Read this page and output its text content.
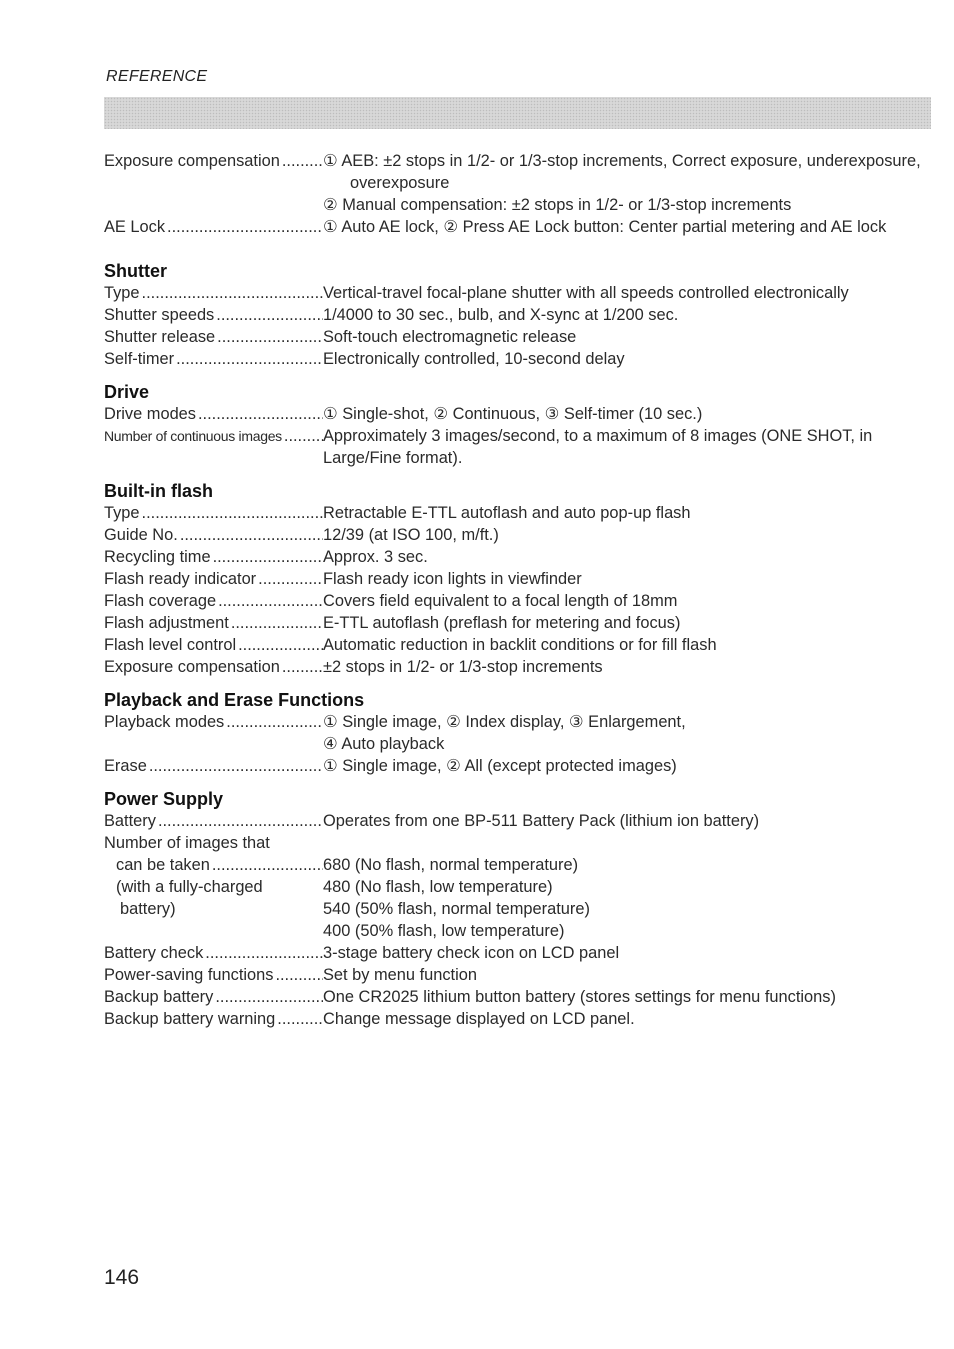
REFERENCE
Exposure compensation .....	① AEB: ±2 stops in 1/2- or 1/3-stop increments, Correct exposure, underexposure, overexposure
② Manual compensation: ±2 stops in 1/2- or 1/3-stop increments
AE Lock .....	① Auto AE lock, ② Press AE Lock button: Center partial metering and AE lock
Shutter
Type .....	Vertical-travel focal-plane shutter with all speeds controlled electronically
Shutter speeds .....	1/4000 to 30 sec., bulb, and X-sync at 1/200 sec.
Shutter release .....	Soft-touch electromagnetic release
Self-timer .....	Electronically controlled, 10-second delay
Drive
Drive modes .....	① Single-shot, ② Continuous, ③ Self-timer (10 sec.)
Number of continuous images .....	Approximately 3 images/second, to a maximum of 8 images (ONE SHOT, in Large/Fine format).
Built-in flash
Type .....	Retractable E-TTL autoflash and auto pop-up flash
Guide No. .....	12/39 (at ISO 100, m/ft.)
Recycling time .....	Approx. 3 sec.
Flash ready indicator .....	Flash ready icon lights in viewfinder
Flash coverage .....	Covers field equivalent to a focal length of 18mm
Flash adjustment .....	E-TTL autoflash (preflash for metering and focus)
Flash level control .....	Automatic reduction in backlit conditions or for fill flash
Exposure compensation .....	±2 stops in 1/2- or 1/3-stop increments
Playback and Erase Functions
Playback modes .....	① Single image, ② Index display, ③ Enlargement,
④ Auto playback
Erase .....	① Single image, ② All (except protected images)
Power Supply
Battery .....	Operates from one BP-511 Battery Pack (lithium ion battery)
Number of images that
can be taken .....	680 (No flash, normal temperature)
(with a fully-charged	480 (No flash, low temperature)
battery)	540 (50% flash, normal temperature)
400 (50% flash, low temperature)
Battery check .....	3-stage battery check icon on LCD panel
Power-saving functions .....	Set by menu function
Backup battery .....	One CR2025 lithium button battery (stores settings for menu functions)
Backup battery warning .....	Change message displayed on LCD panel.
146
